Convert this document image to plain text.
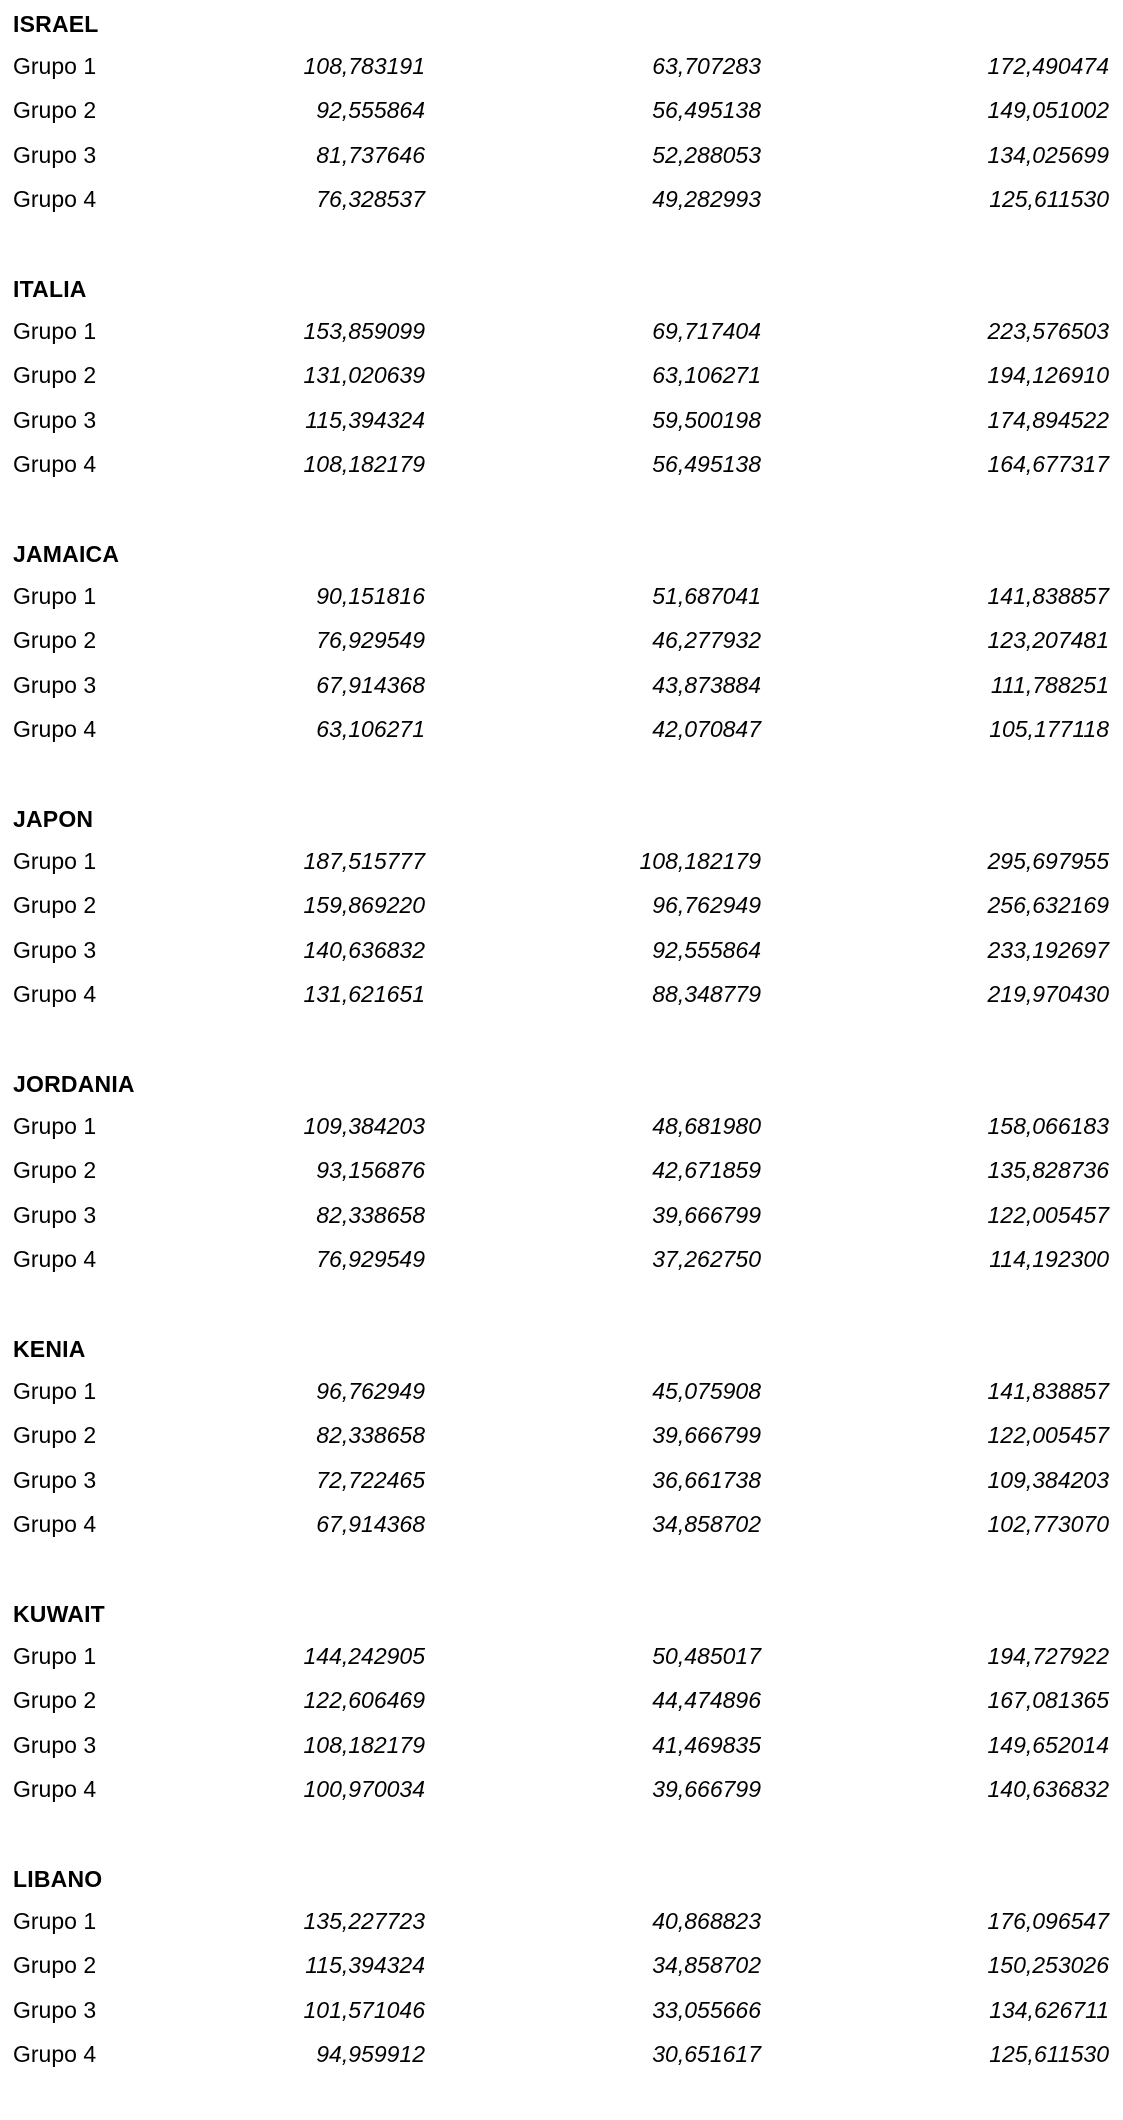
ISRAEL
Grupo 1	108,783191	63,707283	172,490474
Grupo 2	92,555864	56,495138	149,051002
Grupo 3	81,737646	52,288053	134,025699
Grupo 4	76,328537	49,282993	125,611530
ITALIA
Grupo 1	153,859099	69,717404	223,576503
Grupo 2	131,020639	63,106271	194,126910
Grupo 3	115,394324	59,500198	174,894522
Grupo 4	108,182179	56,495138	164,677317
JAMAICA
Grupo 1	90,151816	51,687041	141,838857
Grupo 2	76,929549	46,277932	123,207481
Grupo 3	67,914368	43,873884	111,788251
Grupo 4	63,106271	42,070847	105,177118
JAPON
Grupo 1	187,515777	108,182179	295,697955
Grupo 2	159,869220	96,762949	256,632169
Grupo 3	140,636832	92,555864	233,192697
Grupo 4	131,621651	88,348779	219,970430
JORDANIA
Grupo 1	109,384203	48,681980	158,066183
Grupo 2	93,156876	42,671859	135,828736
Grupo 3	82,338658	39,666799	122,005457
Grupo 4	76,929549	37,262750	114,192300
KENIA
Grupo 1	96,762949	45,075908	141,838857
Grupo 2	82,338658	39,666799	122,005457
Grupo 3	72,722465	36,661738	109,384203
Grupo 4	67,914368	34,858702	102,773070
KUWAIT
Grupo 1	144,242905	50,485017	194,727922
Grupo 2	122,606469	44,474896	167,081365
Grupo 3	108,182179	41,469835	149,652014
Grupo 4	100,970034	39,666799	140,636832
LIBANO
Grupo 1	135,227723	40,868823	176,096547
Grupo 2	115,394324	34,858702	150,253026
Grupo 3	101,571046	33,055666	134,626711
Grupo 4	94,959912	30,651617	125,611530
